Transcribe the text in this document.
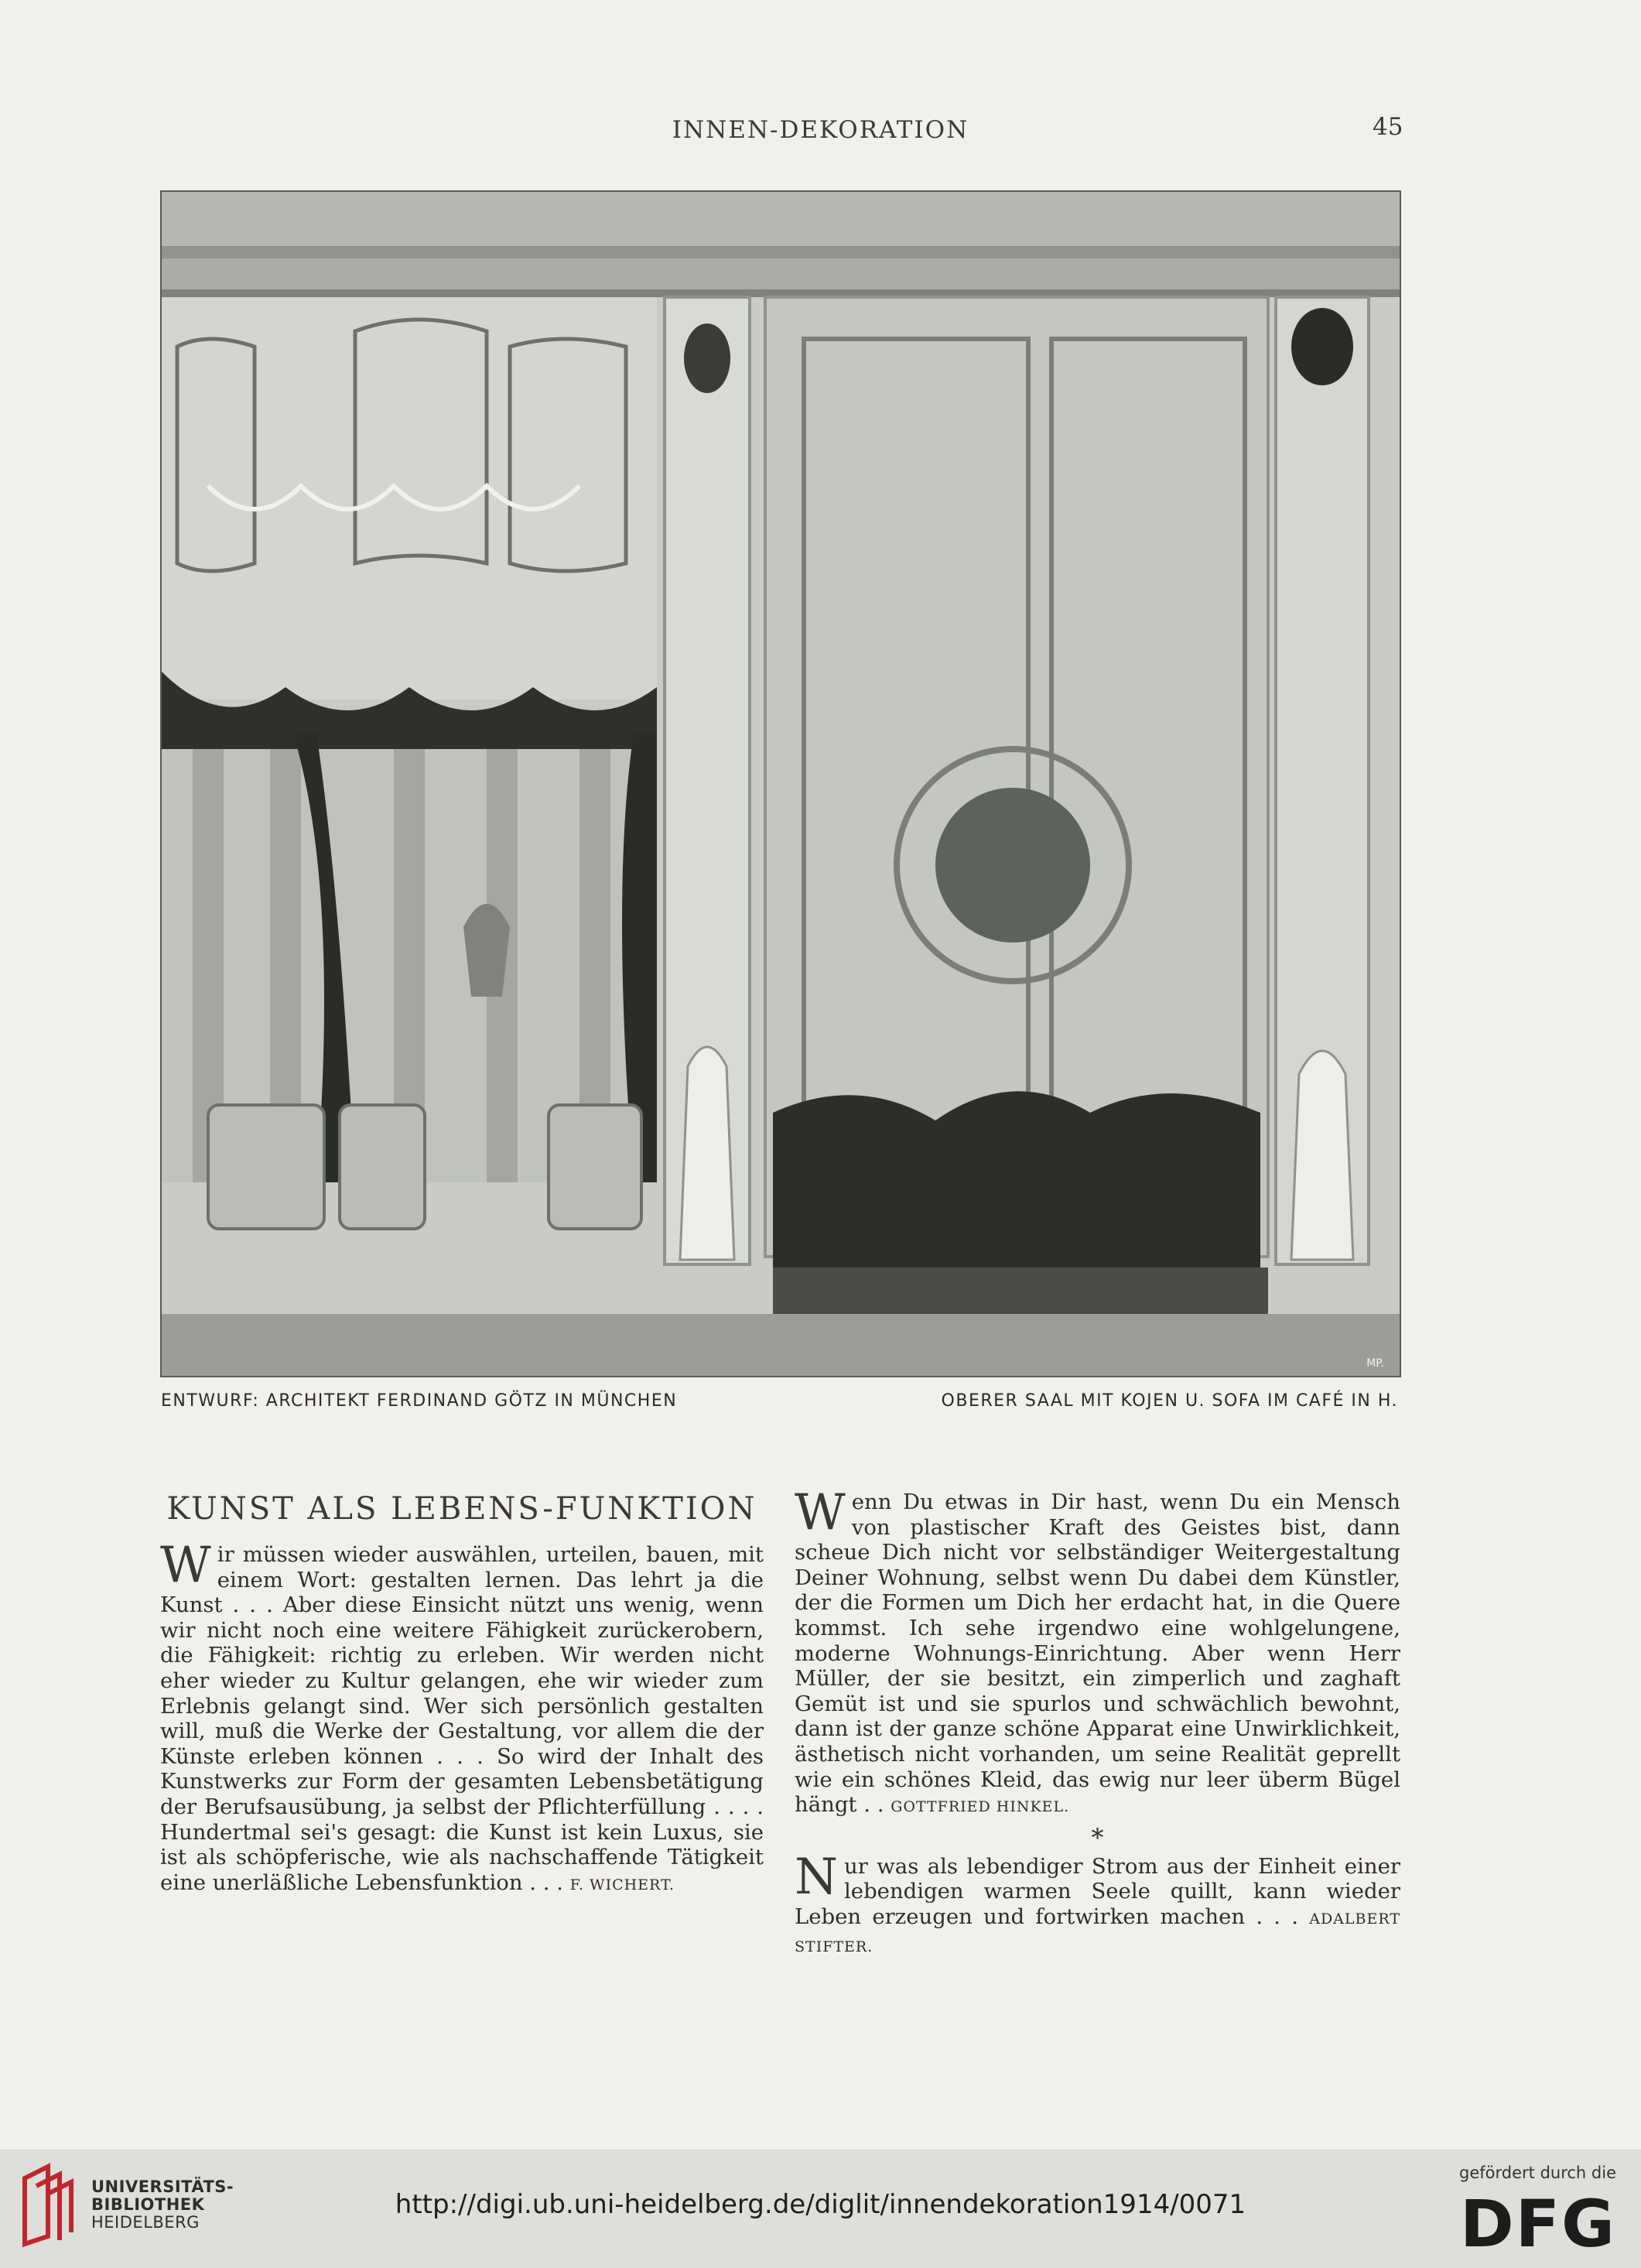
INNEN-DEKORATION	45
MP.
ENTWURF: ARCHITEKT FERDINAND GÖTZ IN MÜNCHEN	OBERER SAAL MIT KOJEN U. SOFA IM CAFÉ IN H.
KUNST ALS LEBENS-FUNKTION

Wir müssen wieder auswählen, urteilen, bauen, mit einem Wort: gestalten lernen. Das lehrt ja die Kunst . . . Aber diese Einsicht nützt uns wenig, wenn wir nicht noch eine weitere Fähigkeit zurückerobern, die Fähigkeit: richtig zu erleben. Wir werden nicht eher wieder zu Kultur gelangen, ehe wir wieder zum Erlebnis gelangt sind. Wer sich persönlich gestalten will, muß die Werke der Gestaltung, vor allem die der Künste erleben können . . . So wird der Inhalt des Kunstwerks zur Form der gesamten Lebensbetätigung der Berufsausübung, ja selbst der Pflichterfüllung . . . . Hundertmal sei's gesagt: die Kunst ist kein Luxus, sie ist als schöpferische, wie als nachschaffende Tätigkeit eine unerläßliche Lebensfunktion . . . F. WICHERT.

Wenn Du etwas in Dir hast, wenn Du ein Mensch von plastischer Kraft des Geistes bist, dann scheue Dich nicht vor selbständiger Weitergestaltung Deiner Wohnung, selbst wenn Du dabei dem Künstler, der die Formen um Dich her erdacht hat, in die Quere kommst. Ich sehe irgendwo eine wohlgelungene, moderne Wohnungs-Einrichtung. Aber wenn Herr Müller, der sie besitzt, ein zimperlich und zaghaft Gemüt ist und sie spurlos und schwächlich bewohnt, dann ist der ganze schöne Apparat eine Unwirklichkeit, ästhetisch nicht vorhanden, um seine Realität geprellt wie ein schönes Kleid, das ewig nur leer überm Bügel hängt . . GOTTFRIED HINKEL.

*

Nur was als lebendiger Strom aus der Einheit einer lebendigen warmen Seele quillt, kann wieder Leben erzeugen und fortwirken machen . . . ADALBERT STIFTER.

UNIVERSITÄTS-
BIBLIOTHEK
HEIDELBERG
http://digi.ub.uni-heidelberg.de/diglit/innendekoration1914/0071
gefördert durch die
DFG
